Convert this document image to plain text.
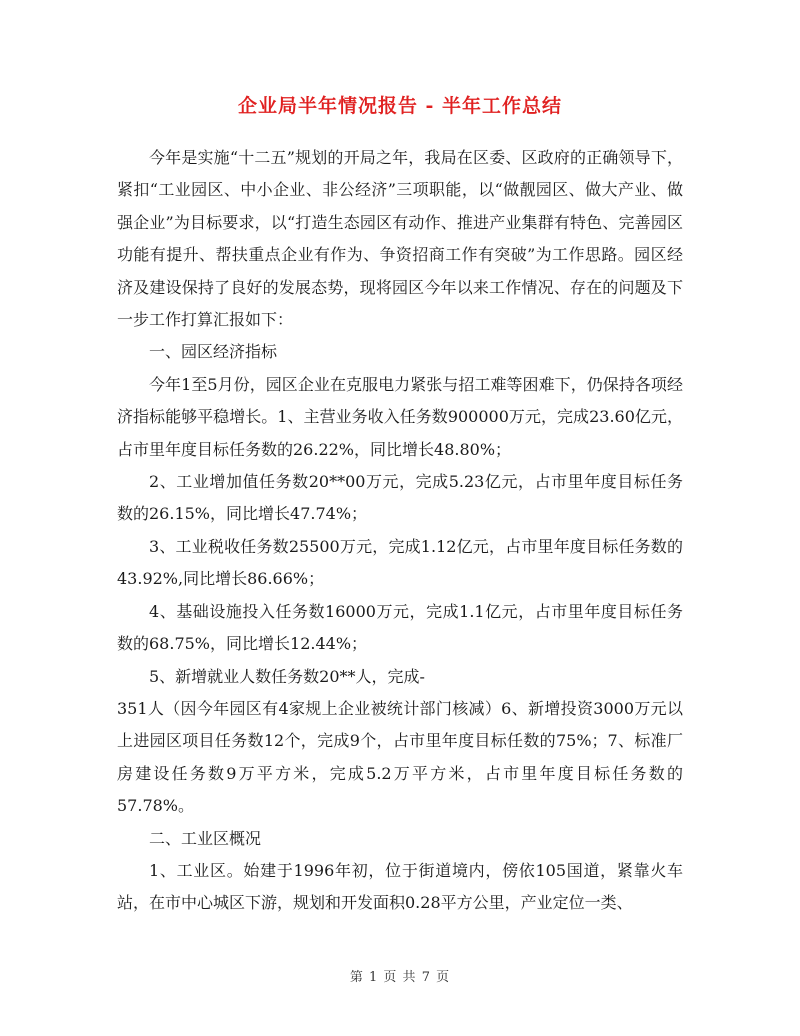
企业局半年情况报告 - 半年工作总结

今年是实施“十二五”规划的开局之年，我局在区委、区政府的正确领导下，紧扣“工业园区、中小企业、非公经济”三项职能，以“做靓园区、做大产业、做强企业”为目标要求，以“打造生态园区有动作、推进产业集群有特色、完善园区功能有提升、帮扶重点企业有作为、争资招商工作有突破”为工作思路。园区经济及建设保持了良好的发展态势，现将园区今年以来工作情况、存在的问题及下一步工作打算汇报如下：

一、园区经济指标

今年1至5月份，园区企业在克服电力紧张与招工难等困难下，仍保持各项经济指标能够平稳增长。1、主营业务收入任务数900000万元，完成23.60亿元，占市里年度目标任务数的26.22%，同比增长48.80%；

2、工业增加值任务数20**00万元，完成5.23亿元，占市里年度目标任务数的26.15%，同比增长47.74%；

3、工业税收任务数25500万元，完成1.12亿元，占市里年度目标任务数的43.92%,同比增长86.66%；

4、基础设施投入任务数16000万元，完成1.1亿元，占市里年度目标任务数的68.75%，同比增长12.44%；

5、新增就业人数任务数20**人，完成-

351人（因今年园区有4家规上企业被统计部门核减）6、新增投资3000万元以上进园区项目任务数12个，完成9个，占市里年度目标任数的75%；7、标准厂房建设任务数9万平方米，完成5.2万平方米，占市里年度目标任务数的57.78%。

二、工业区概况

1、工业区。始建于1996年初，位于街道境内，傍依105国道，紧靠火车站，在市中心城区下游，规划和开发面积0.28平方公里，产业定位一类、

第 1 页 共 7 页
